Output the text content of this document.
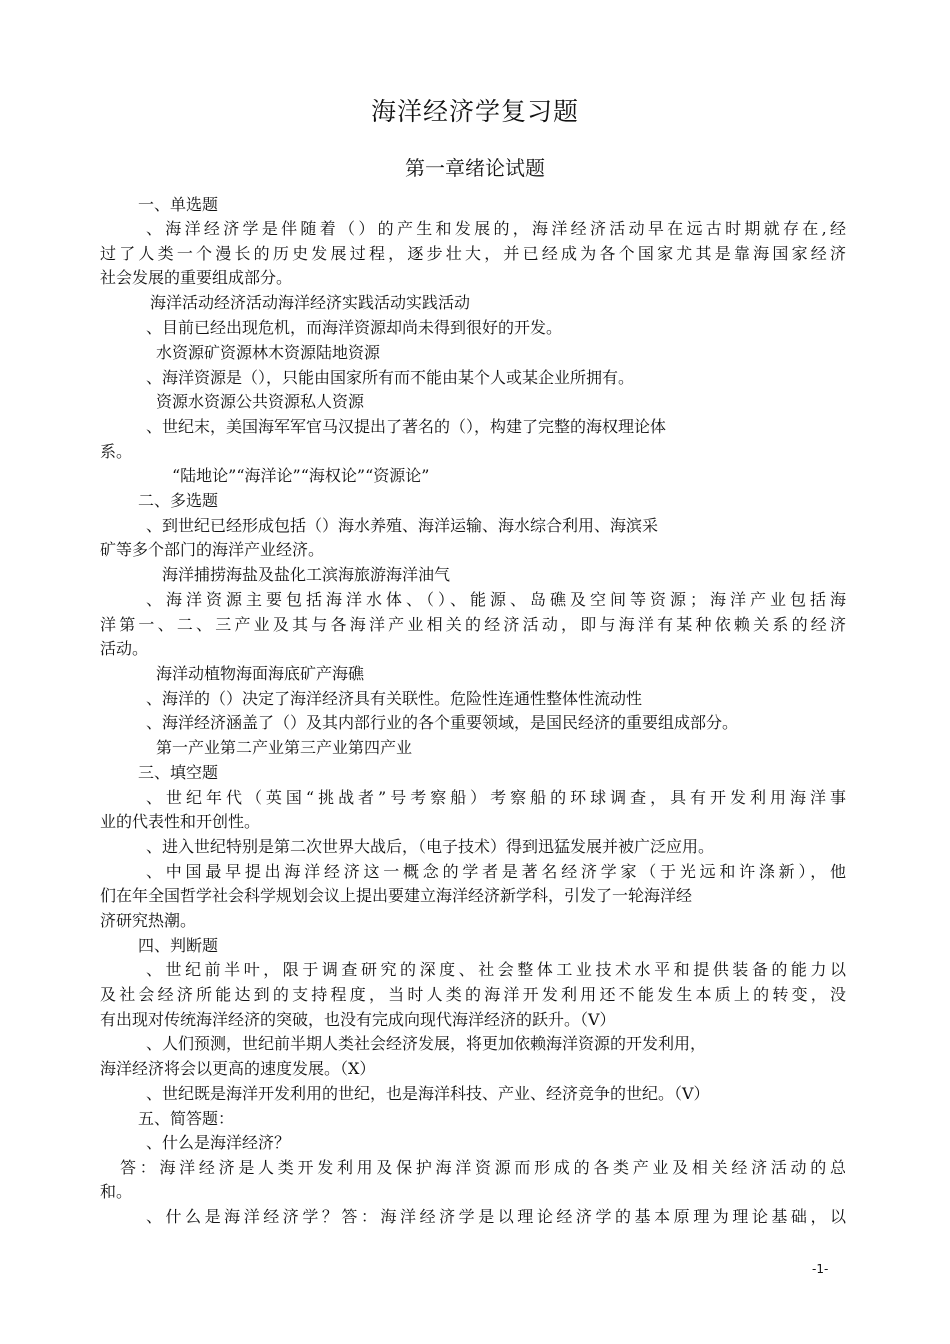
海洋经济学复习题
第一章绪论试题
一、单选题
、海洋经济学是伴随着（）的产生和发展的，海洋经济活动早在远古时期就存在,经
过了人类一个漫长的历史发展过程，逐步壮大，并已经成为各个国家尤其是靠海国家经济
社会发展的重要组成部分。
海洋活动经济活动海洋经济实践活动实践活动
、目前已经出现危机，而海洋资源却尚未得到很好的开发。
水资源矿资源林木资源陆地资源
、海洋资源是（），只能由国家所有而不能由某个人或某企业所拥有。
资源水资源公共资源私人资源
、世纪末，美国海军军官马汉提出了著名的（），构建了完整的海权理论体
系。
“陆地论”“海洋论”“海权论”“资源论”
二、多选题
、到世纪已经形成包括（）海水养殖、海洋运输、海水综合利用、海滨采
矿等多个部门的海洋产业经济。
海洋捕捞海盐及盐化工滨海旅游海洋油气
、海洋资源主要包括海洋水体、（）、能源、岛礁及空间等资源；海洋产业包括海
洋第一、二、三产业及其与各海洋产业相关的经济活动，即与海洋有某种依赖关系的经济
活动。
海洋动植物海面海底矿产海礁
、海洋的（）决定了海洋经济具有关联性。危险性连通性整体性流动性
、海洋经济涵盖了（）及其内部行业的各个重要领域，是国民经济的重要组成部分。
第一产业第二产业第三产业第四产业
三、填空题
、世纪年代（英国“挑战者”号考察船）考察船的环球调查，具有开发利用海洋事
业的代表性和开创性。
、进入世纪特别是第二次世界大战后，（电子技术）得到迅猛发展并被广泛应用。
、中国最早提出海洋经济这一概念的学者是著名经济学家（于光远和许涤新），他
们在年全国哲学社会科学规划会议上提出要建立海洋经济新学科，引发了一轮海洋经
济研究热潮。
四、判断题
、世纪前半叶，限于调查研究的深度、社会整体工业技术水平和提供装备的能力以
及社会经济所能达到的支持程度，当时人类的海洋开发利用还不能发生本质上的转变，没
有出现对传统海洋经济的突破，也没有完成向现代海洋经济的跃升。（V）
、人们预测，世纪前半期人类社会经济发展，将更加依赖海洋资源的开发利用，
海洋经济将会以更高的速度发展。（X）
、世纪既是海洋开发利用的世纪，也是海洋科技、产业、经济竞争的世纪。（V）
五、简答题：
、什么是海洋经济？
答：海洋经济是人类开发利用及保护海洋资源而形成的各类产业及相关经济活动的总
和。
、什么是海洋经济学？答：海洋经济学是以理论经济学的基本原理为理论基础，以
-1-
